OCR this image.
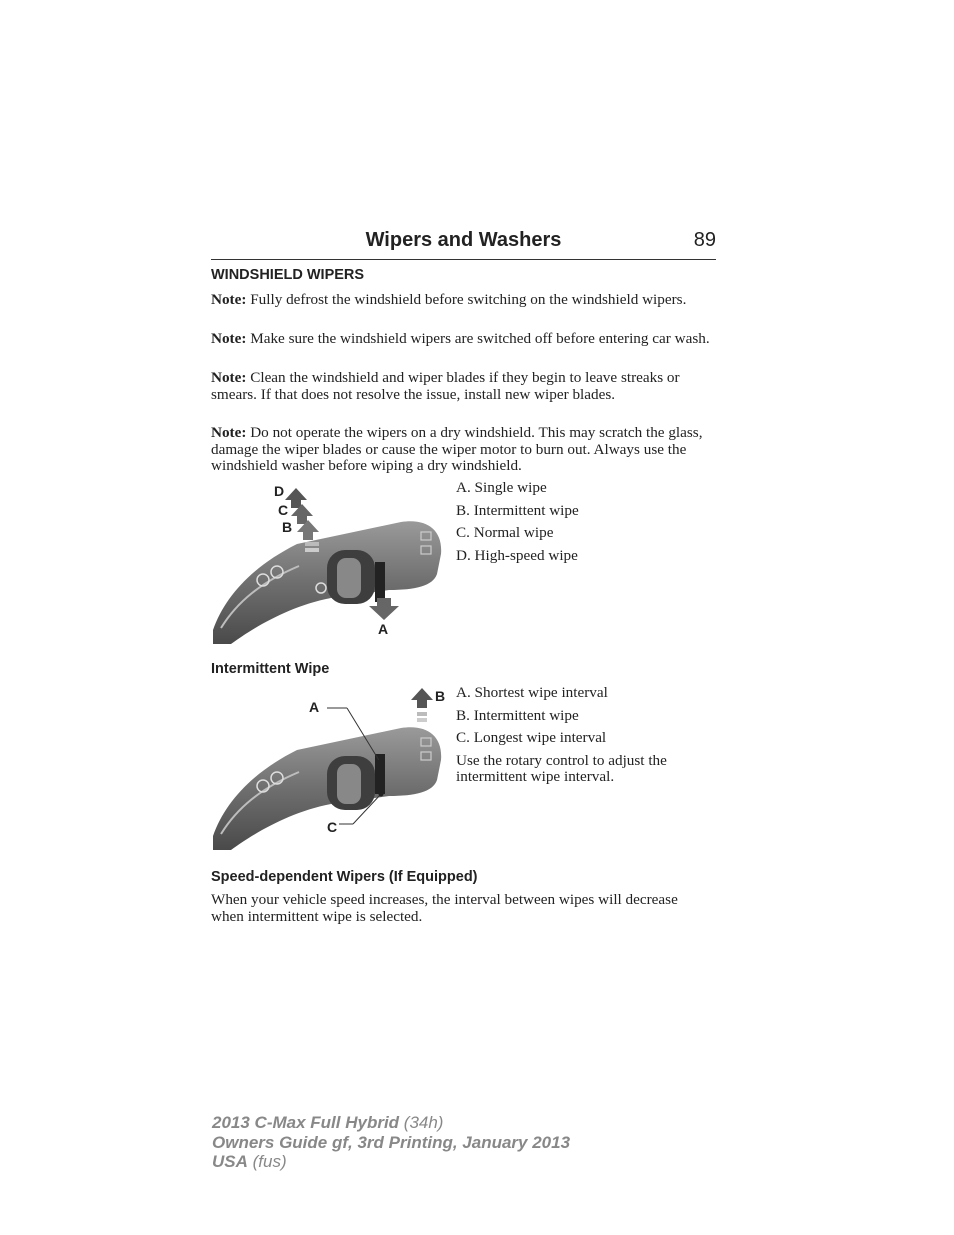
Wipers and Washers	89
WINDSHIELD WIPERS
Note: Fully defrost the windshield before switching on the windshield wipers.
Note: Make sure the windshield wipers are switched off before entering car wash.
Note: Clean the windshield and wiper blades if they begin to leave streaks or smears. If that does not resolve the issue, install new wiper blades.
Note: Do not operate the wipers on a dry windshield. This may scratch the glass, damage the wiper blades or cause the wiper motor to burn out. Always use the windshield washer before wiping a dry windshield.
D
C
B
A
A. Single wipe
B. Intermittent wipe
C. Normal wipe
D. High-speed wipe
Intermittent Wipe
A
B
C
A. Shortest wipe interval
B. Intermittent wipe
C. Longest wipe interval
Use the rotary control to adjust the intermittent wipe interval.
Speed-dependent Wipers (If Equipped)
When your vehicle speed increases, the interval between wipes will decrease when intermittent wipe is selected.
2013 C-Max Full Hybrid (34h)
Owners Guide gf, 3rd Printing, January 2013
USA (fus)
